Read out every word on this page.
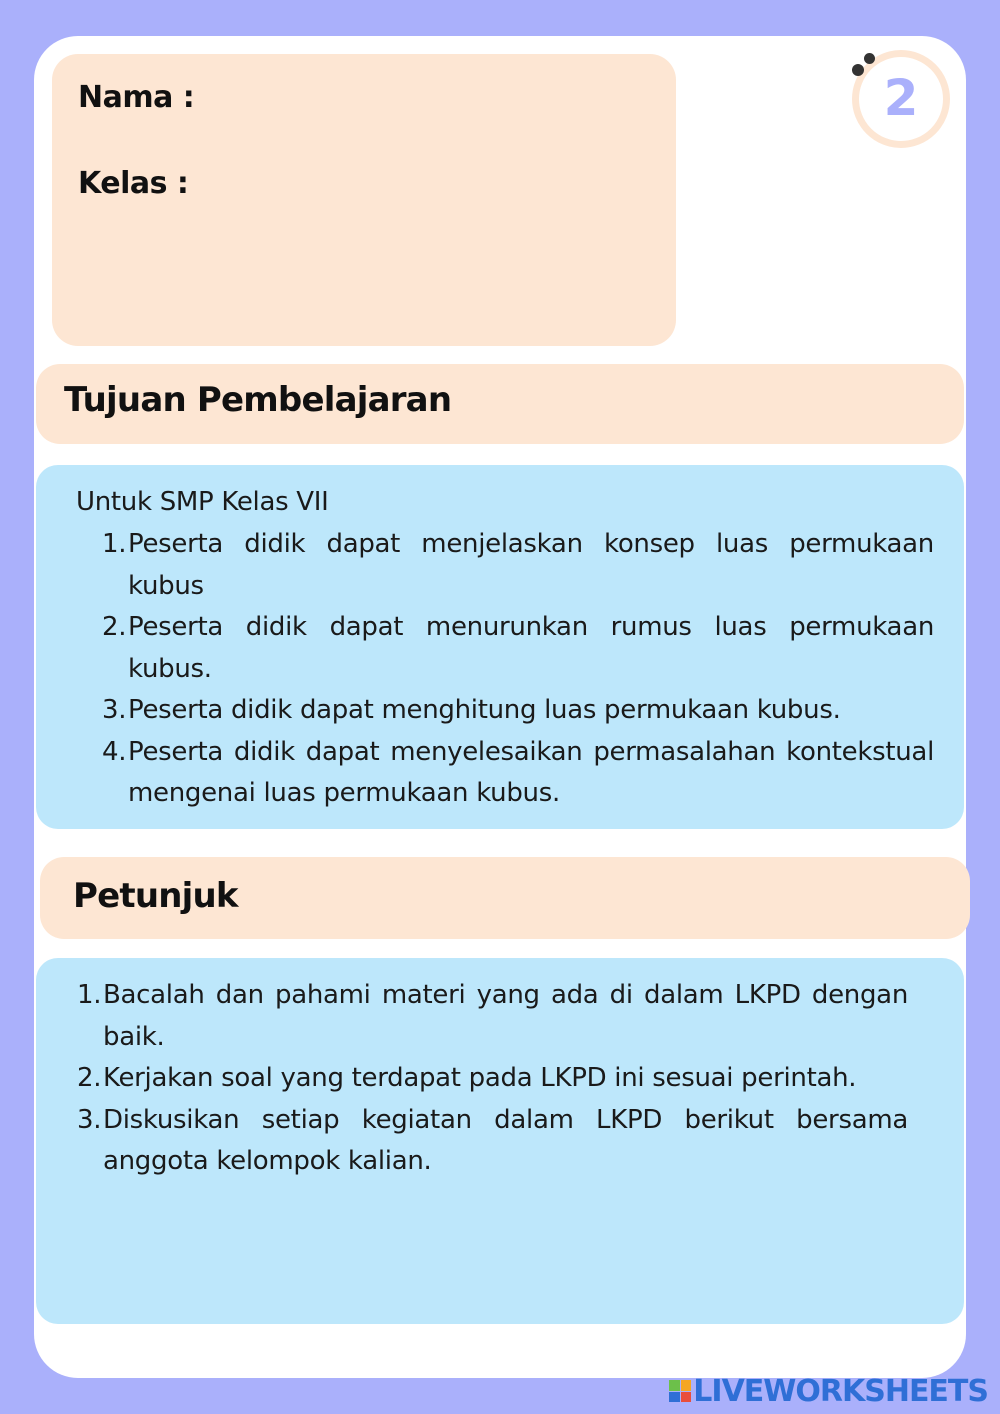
Nama :
Kelas :
2
Tujuan Pembelajaran
Untuk SMP Kelas VII
1. Peserta didik dapat menjelaskan konsep luas permukaan kubus
2. Peserta didik dapat menurunkan rumus luas permukaan kubus.
3. Peserta didik dapat menghitung luas permukaan kubus.
4. Peserta didik dapat menyelesaikan permasalahan kontekstual mengenai luas permukaan kubus.
Petunjuk
1. Bacalah dan pahami materi yang ada di dalam LKPD dengan baik.
2. Kerjakan soal yang terdapat pada LKPD ini sesuai perintah.
3. Diskusikan setiap kegiatan dalam LKPD berikut bersama anggota kelompok kalian.
LIVEWORKSHEETS
